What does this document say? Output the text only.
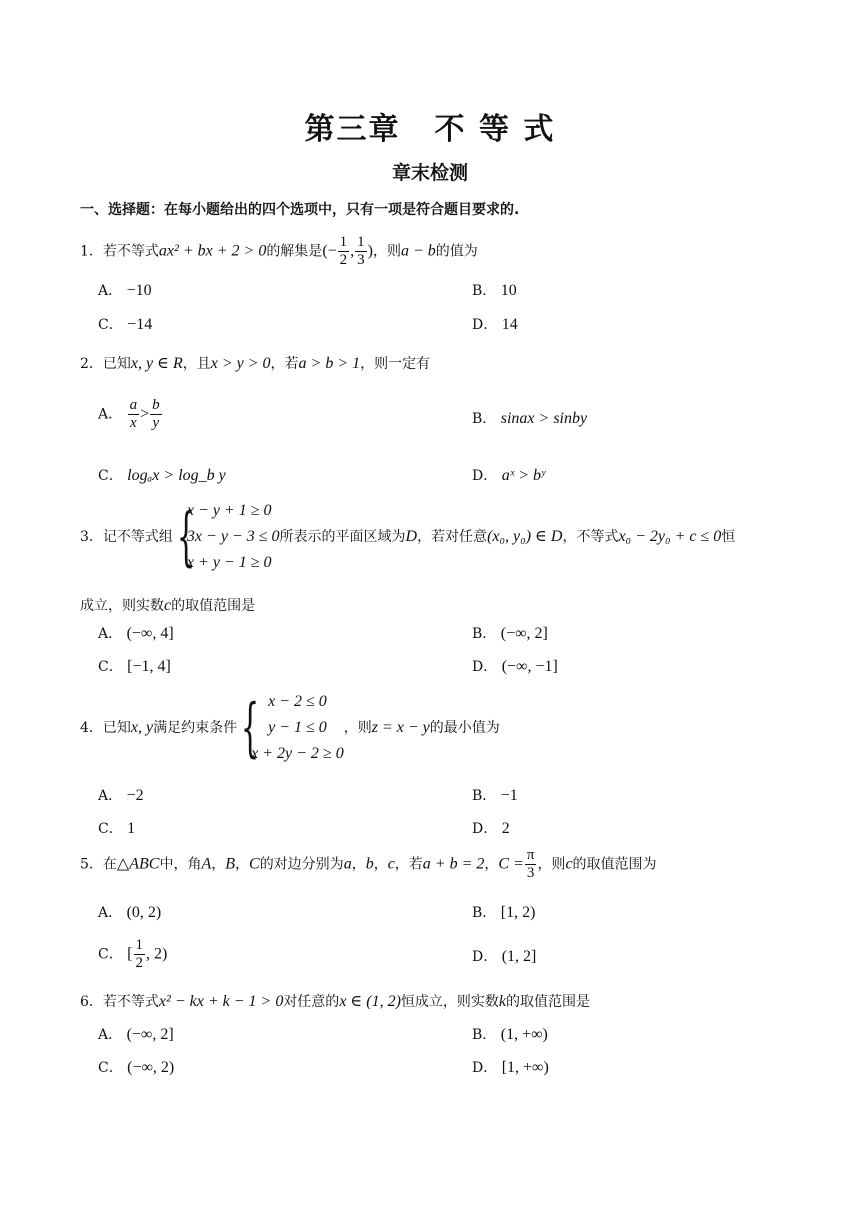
第三章 不 等 式
章末检测
一、选择题：在每小题给出的四个选项中，只有一项是符合题目要求的.
1．若不等式ax² + bx + 2 > 0的解集是(− $\frac{1}{2}$ , $\frac{1}{3}$ )，则a − b的值为
A． −10	B． 10
C． −14	D． 14
2．已知x, y ∈ R，且x > y > 0，若a > b > 1，则一定有
A． $\frac{a}{x} > \frac{b}{y}$	B． sinax > sinby
C． logₐx > log_b y	D． aˣ > bʸ
3．记不等式组 {
x − y + 1 ≥ 0
3x − y − 3 ≤ 0
x + y − 1 ≥ 0
所表示的平面区域为D，若对任意(x₀, y₀) ∈ D，不等式x₀ − 2y₀ + c ≤ 0恒
成立，则实数c的取值范围是
A． (−∞, 4]	B． (−∞, 2]
C． [−1, 4]	D． (−∞, −1]
4．已知x, y满足约束条件 { x − 2 ≤ 0
y − 1 ≤ 0
x + 2y − 2 ≥ 0
，则z = x − y的最小值为
A． −2	B． −1
C． 1	D． 2
5．在△ABC中，角A，B，C的对边分别为a，b，c，若a + b = 2，$C = \frac{\pi}{3}$ ，则c的取值范围为
A． (0, 2)	B． [1, 2)
C． [ $\frac{1}{2}$ , 2)	D． (1, 2]
6．若不等式x² − kx + k − 1 > 0对任意的x ∈ (1, 2)恒成立，则实数k的取值范围是
A． (−∞, 2]	B． (1, +∞)
C． (−∞, 2)	D． [1, +∞)
